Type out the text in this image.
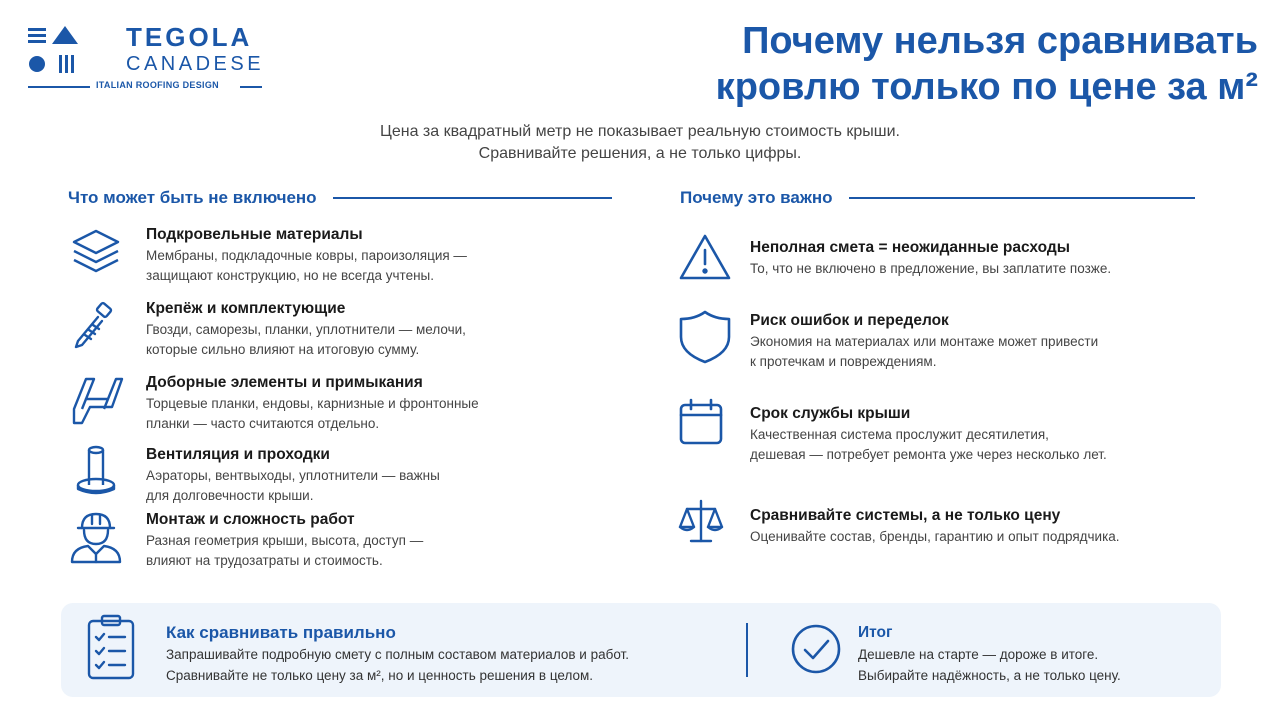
TEGOLA
CANADESE
ITALIAN ROOFING DESIGN
Почему нельзя сравнивать
кровлю только по цене за м²
Цена за квадратный метр не показывает реальную стоимость крыши.
Сравнивайте решения, а не только цифры.
Что может быть не включено	Почему это важно
Подкровельные материалы

Мембраны, подкладочные ковры, пароизоляция —

защищают конструкцию, но не всегда учтены.

Крепёж и комплектующие

Гвозди, саморезы, планки, уплотнители — мелочи,

которые сильно влияют на итоговую сумму.

Доборные элементы и примыкания

Торцевые планки, ендовы, карнизные и фронтонные

планки — часто считаются отдельно.

Вентиляция и проходки

Аэраторы, вентвыходы, уплотнители — важны

для долговечности крыши.

Монтаж и сложность работ

Разная геометрия крыши, высота, доступ —

влияют на трудозатраты и стоимость.

Неполная смета = неожиданные расходы

То, что не включено в предложение, вы заплатите позже.

Риск ошибок и переделок

Экономия на материалах или монтаже может привести

к протечкам и повреждениям.

Срок службы крыши

Качественная система прослужит десятилетия,

дешевая — потребует ремонта уже через несколько лет.

Сравнивайте системы, а не только цену

Оценивайте состав, бренды, гарантию и опыт подрядчика.

Как сравнивать правильно

Запрашивайте подробную смету с полным составом материалов и работ.

Сравнивайте не только цену за м², но и ценность решения в целом.

Итог

Дешевле на старте — дороже в итоге.

Выбирайте надёжность, а не только цену.
